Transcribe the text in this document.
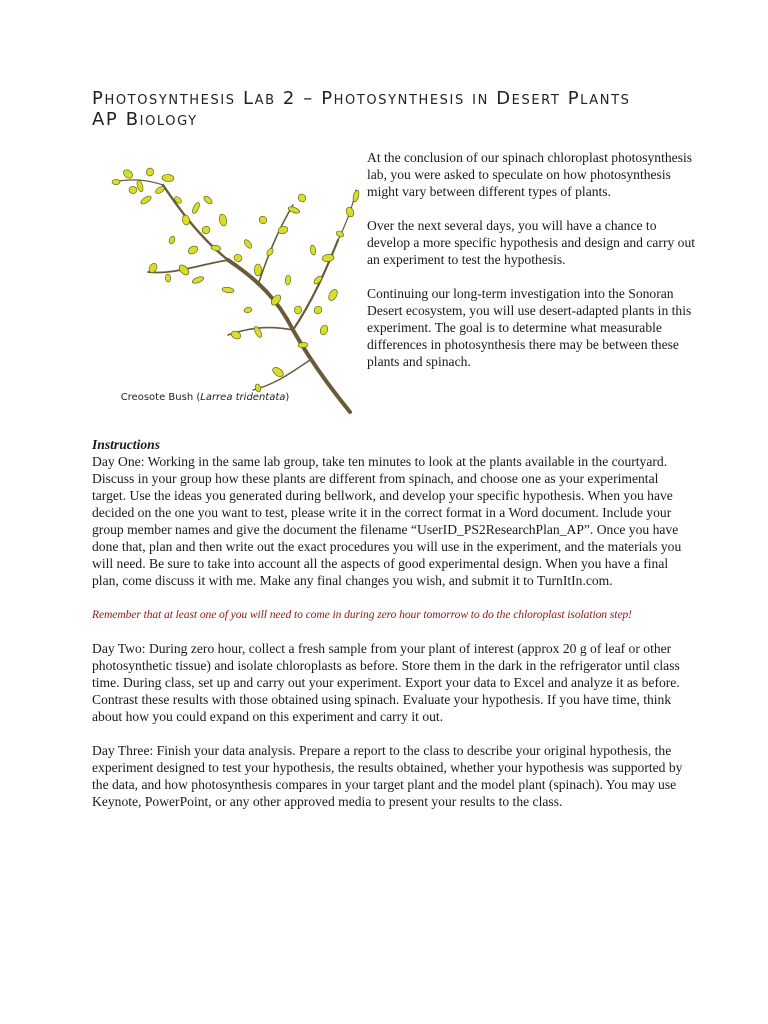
Photosynthesis Lab 2 – Photosynthesis in Desert Plants
AP Biology
Creosote Bush (Larrea tridentata)

At the conclusion of our spinach chloroplast photosynthesis lab, you were asked to speculate on how photosynthesis might vary between different types of plants.

Over the next several days, you will have a chance to develop a more specific hypothesis and design and carry out an experiment to test the hypothesis.

Continuing our long-term investigation into the Sonoran Desert ecosystem, you will use desert-adapted plants in this experiment. The goal is to determine what measurable differences in photosynthesis there may be between these plants and spinach.

Instructions

Day One: Working in the same lab group, take ten minutes to look at the plants available in the courtyard. Discuss in your group how these plants are different from spinach, and choose one as your experimental target. Use the ideas you generated during bellwork, and develop your specific hypothesis. When you have decided on the one you want to test, please write it in the correct format in a Word document. Include your group member names and give the document the filename “UserID_PS2ResearchPlan_AP”. Once you have done that, plan and then write out the exact procedures you will use in the experiment, and the materials you will need. Be sure to take into account all the aspects of good experimental design. When you have a final plan, come discuss it with me. Make any final changes you wish, and submit it to TurnItIn.com.

Remember that at least one of you will need to come in during zero hour tomorrow to do the chloroplast isolation step!

Day Two: During zero hour, collect a fresh sample from your plant of interest (approx 20 g of leaf or other photosynthetic tissue) and isolate chloroplasts as before. Store them in the dark in the refrigerator until class time. During class, set up and carry out your experiment. Export your data to Excel and analyze it as before. Contrast these results with those obtained using spinach. Evaluate your hypothesis. If you have time, think about how you could expand on this experiment and carry it out.

Day Three: Finish your data analysis. Prepare a report to the class to describe your original hypothesis, the experiment designed to test your hypothesis, the results obtained, whether your hypothesis was supported by the data, and how photosynthesis compares in your target plant and the model plant (spinach). You may use Keynote, PowerPoint, or any other approved media to present your results to the class.
